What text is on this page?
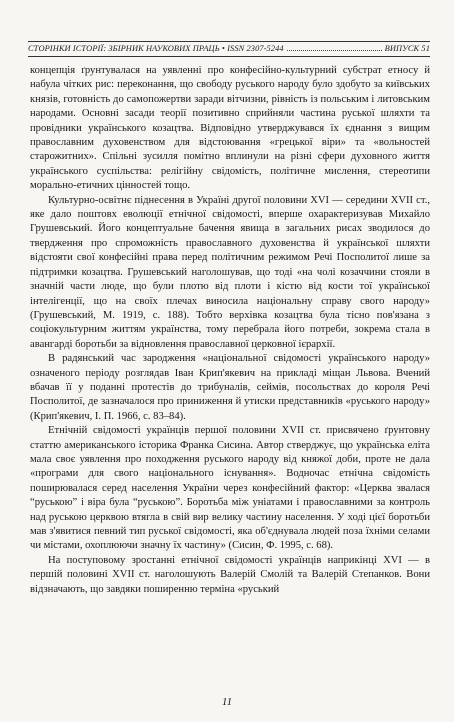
СТОРІНКИ ІСТОРІЇ: ЗБІРНИК НАУКОВИХ ПРАЦЬ • ISSN 2307-5244	ВИПУСК 51

концепція ґрунтувалася на уявленні про конфесійно-культурний субстрат етносу й набула чітких рис: переконання, що свободу руського народу було здобуто за київських князів, готовність до самопожертви заради вітчизни, рівність із польським і литовським народами. Основні засади теорії позитивно сприйняли частина руської шляхти та провідники українського козацтва. Відповідно утверджувався їх єднання з вищим православним духовенством для відстоювання «грецької віри» та «вольностей старожитних». Спільні зусилля помітно вплинули на різні сфери духовного життя українського суспільства: релігійну свідомість, політичне мислення, стереотипи морально-етичних цінностей тощо.

Культурно-освітнє піднесення в Україні другої половини XVI — середини XVII ст., яке дало поштовх еволюції етнічної свідомості, вперше охарактеризував Михайло Грушевський. Його концептуальне бачення явища в загальних рисах зводилося до твердження про спроможність православного духовенства й української шляхти відстояти свої конфесійні права перед політичним режимом Речі Посполитої лише за підтримки козацтва. Грушевський наголошував, що тоді «на чолі козаччини стояли в значній части люде, що були плотю від плоти і кістю від кости тої української інтелігенції, що на своїх плечах виносила національну справу свого народу» (Грушевський, М. 1919, с. 188). Тобто верхівка козацтва була тісно пов'язана з соціокультурним життям українства, тому перебрала його потреби, зокрема стала в авангарді боротьби за відновлення православної церковної ієрархії.

В радянський час зародження «національної свідомості українського народу» означеного періоду розглядав Іван Крип'якевич на прикладі міщан Львова. Вчений вбачав її у поданні протестів до трибуналів, сеймів, посольствах до короля Речі Посполитої, де зазначалося про приниження й утиски представників «руського народу» (Крип'якевич, І. П. 1966, с. 83–84).

Етнічній свідомості українців першої половини XVII ст. присвячено ґрунтовну статтю американського історика Франка Сисина. Автор стверджує, що українська еліта мала своє уявлення про походження руського народу від княжої доби, проте не дала «програми для свого національного існування». Водночас етнічна свідомість поширювалася серед населення України через конфесійний фактор: «Церква звалася “руською” і віра була “руською”. Боротьба між уніатами і православними за контроль над руською церквою втягла в свій вир велику частину населення. У ході цієї боротьби мав з'явитися певний тип руської свідомості, яка об'єднувала людей поза їхніми селами чи містами, охоплюючи значну їх частину» (Сисин, Ф. 1995, с. 68).

На поступовому зростанні етнічної свідомості українців наприкінці XVI — в першій половині XVII ст. наголошують Валерій Смолій та Валерій Степанков. Вони відзначають, що завдяки поширенню терміна «руський

11
